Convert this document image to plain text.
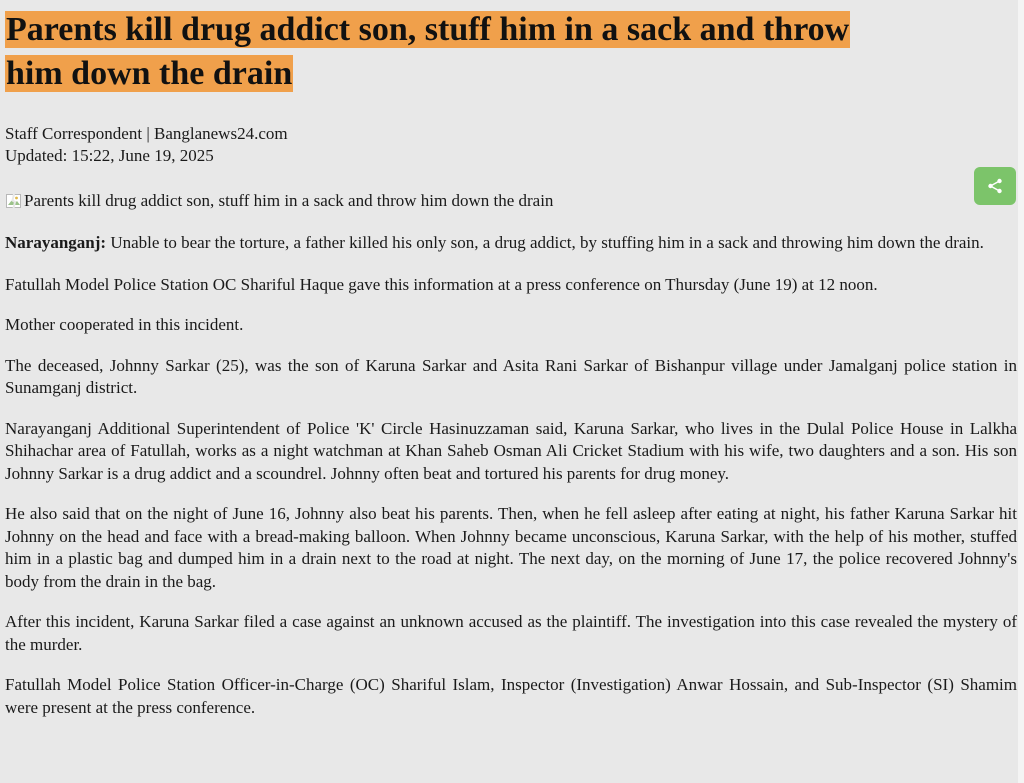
Parents kill drug addict son, stuff him in a sack and throw
him down the drain
Staff Correspondent | Banglanews24.com
Updated: 15:22, June 19, 2025
Parents kill drug addict son, stuff him in a sack and throw him down the drain

Narayanganj: Unable to bear the torture, a father killed his only son, a drug addict, by stuffing him in a sack and throwing him down the drain.

Fatullah Model Police Station OC Shariful Haque gave this information at a press conference on Thursday (June 19) at 12 noon.

Mother cooperated in this incident.

The deceased, Johnny Sarkar (25), was the son of Karuna Sarkar and Asita Rani Sarkar of Bishanpur village under Jamalganj police station in Sunamganj district.

Narayanganj Additional Superintendent of Police 'K' Circle Hasinuzzaman said, Karuna Sarkar, who lives in the Dulal Police House in Lalkha Shihachar area of Fatullah, works as a night watchman at Khan Saheb Osman Ali Cricket Stadium with his wife, two daughters and a son. His son Johnny Sarkar is a drug addict and a scoundrel. Johnny often beat and tortured his parents for drug money.

He also said that on the night of June 16, Johnny also beat his parents. Then, when he fell asleep after eating at night, his father Karuna Sarkar hit Johnny on the head and face with a bread-making balloon. When Johnny became unconscious, Karuna Sarkar, with the help of his mother, stuffed him in a plastic bag and dumped him in a drain next to the road at night. The next day, on the morning of June 17, the police recovered Johnny's body from the drain in the bag.

After this incident, Karuna Sarkar filed a case against an unknown accused as the plaintiff. The investigation into this case revealed the mystery of the murder.

Fatullah Model Police Station Officer-in-Charge (OC) Shariful Islam, Inspector (Investigation) Anwar Hossain, and Sub-Inspector (SI) Shamim were present at the press conference.
